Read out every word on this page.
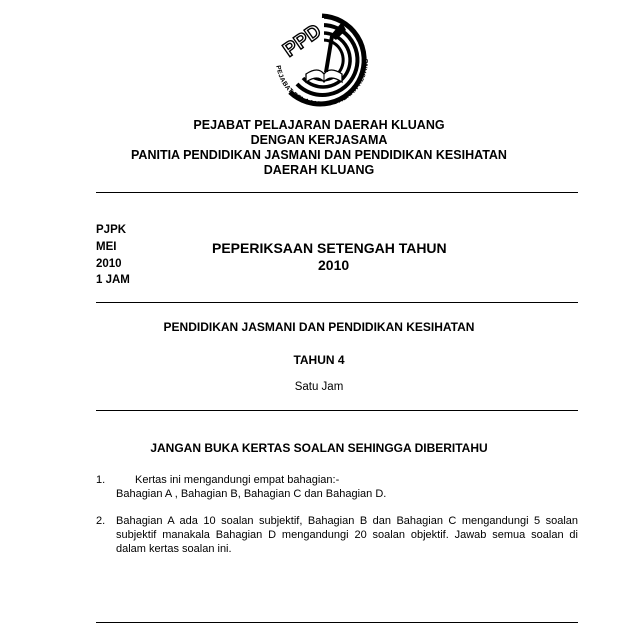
PPD
PEJABAT PELAJARAN DAERAH KLUANG
PEJABAT PELAJARAN DAERAH KLUANG
DENGAN KERJASAMA
PANITIA PENDIDIKAN JASMANI DAN PENDIDIKAN KESIHATAN
DAERAH KLUANG
PJPK
MEI
2010
1 JAM
PEPERIKSAAN SETENGAH TAHUN
2010
PENDIDIKAN JASMANI DAN PENDIDIKAN KESIHATAN
TAHUN 4
Satu Jam
JANGAN BUKA KERTAS SOALAN SEHINGGA DIBERITAHU
1.	Kertas ini mengandungi empat bahagian:-
Bahagian A , Bahagian B, Bahagian C dan Bahagian D.
2. Bahagian A ada 10 soalan subjektif, Bahagian B dan Bahagian C mengandungi 5 soalan subjektif manakala Bahagian D mengandungi 20 soalan objektif. Jawab semua soalan di dalam kertas soalan ini.
